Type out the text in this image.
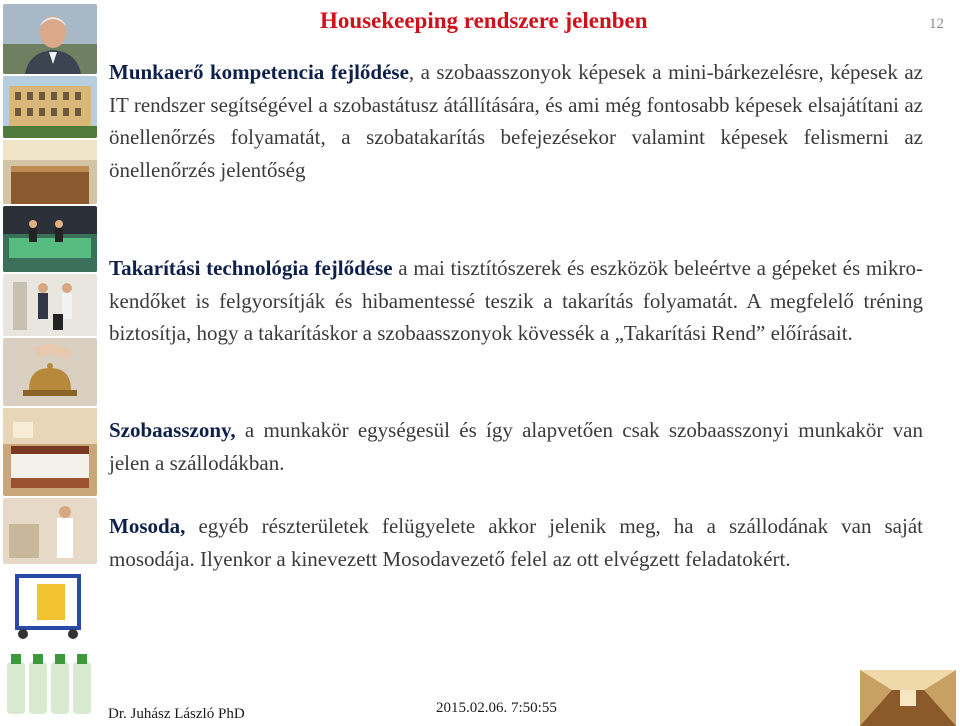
Housekeeping rendszere jelenben	12

Munkaerő kompetencia fejlődése, a szobaasszonyok képesek a mini-bárkezelésre, képesek az IT rendszer segítségével a szobastátusz átállítására, és ami még fontosabb képesek elsajátítani az önellenőrzés folyamatát, a szobatakarítás befejezésekor valamint képesek felismerni az önellenőrzés jelentőség

Takarítási technológia fejlődése a mai tisztítószerek és eszközök beleértve a gépeket és mikro-kendőket is felgyorsítják és hibamentessé teszik a takarítás folyamatát. A megfelelő tréning biztosítja, hogy a takarításkor a szobaasszonyok kövessék a „Takarítási Rend” előírásait.

Szobaasszony, a munkakör egységesül és így alapvetően csak szobaasszonyi munkakör van jelen a szállodákban.

Mosoda, egyéb részterületek felügyelete akkor jelenik meg, ha a szállodának van saját mosodája. Ilyenkor a kinevezett Mosodavezető felel az ott elvégzett feladatokért.

Dr. Juhász László PhD	2015.02.06. 7:50:55
